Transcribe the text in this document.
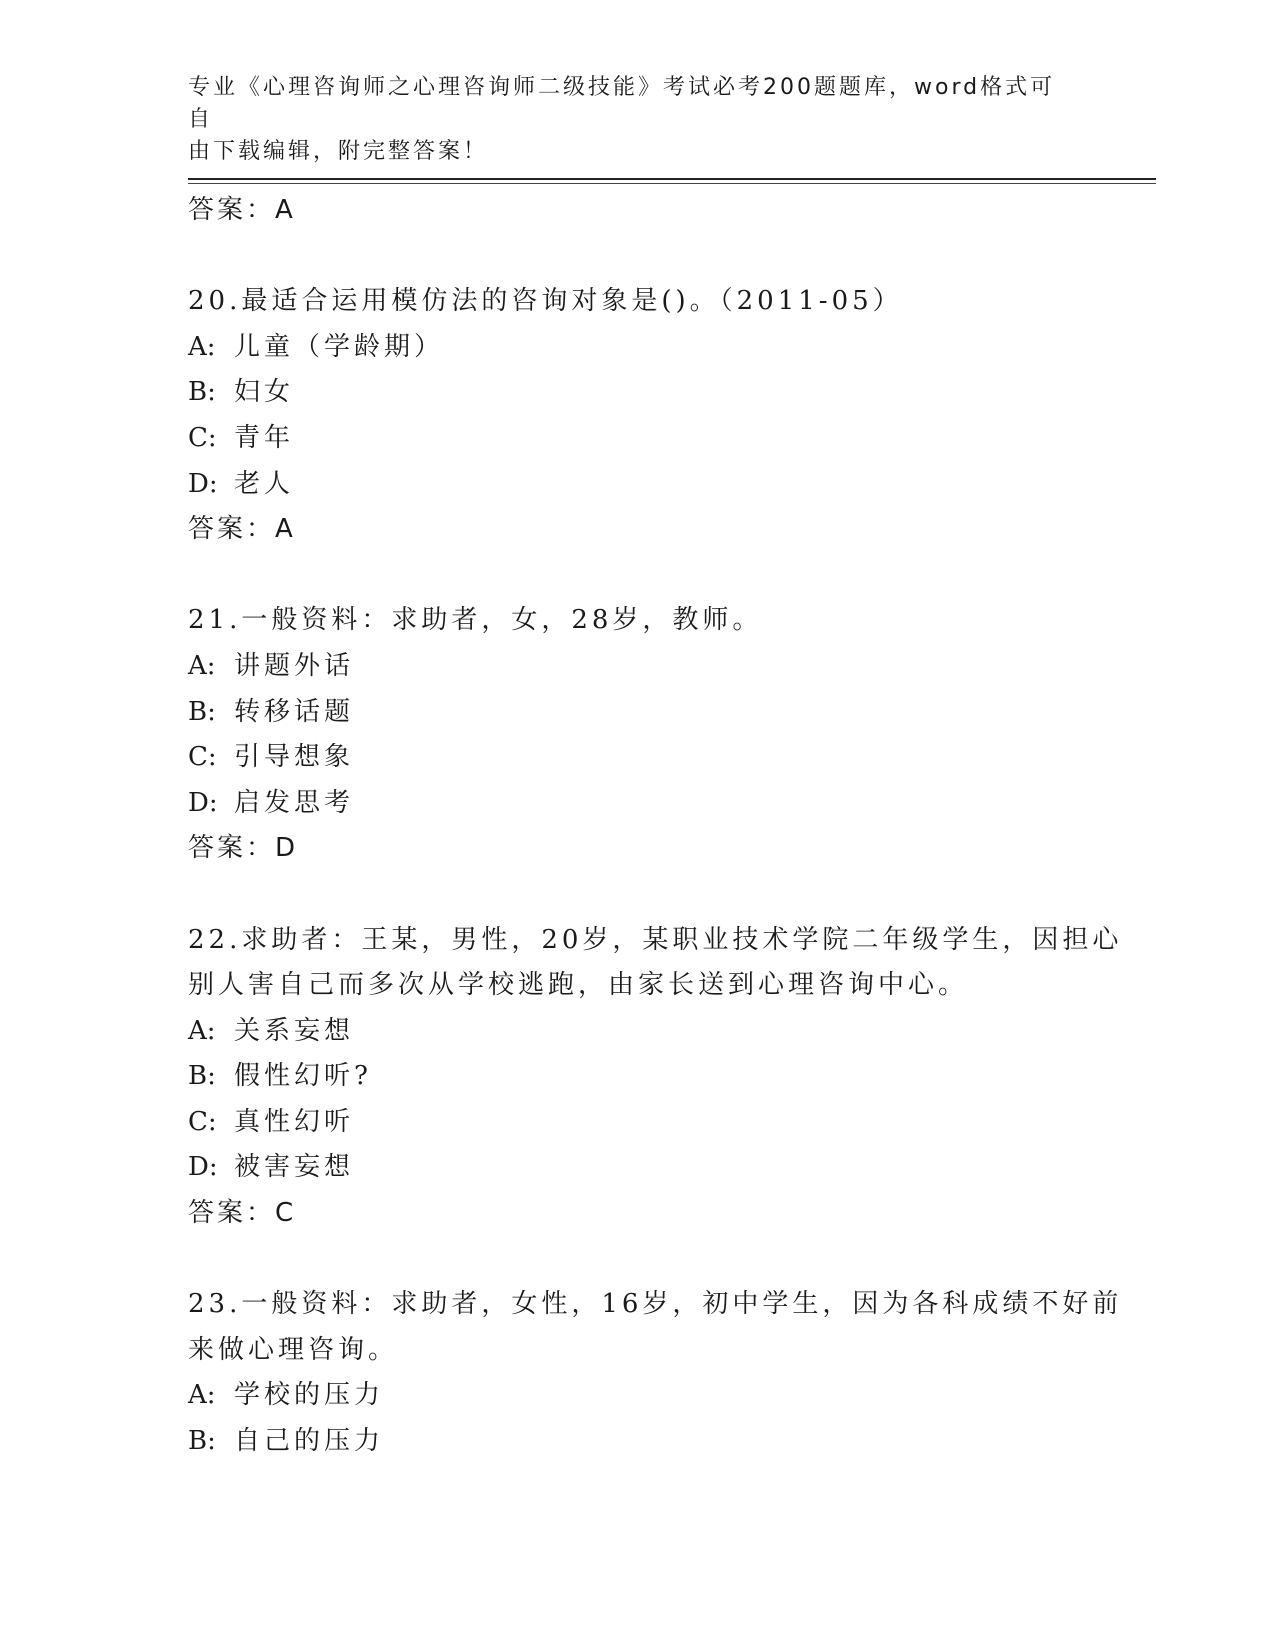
专业《心理咨询师之心理咨询师二级技能》考试必考200题题库，word格式可自
由下载编辑，附完整答案！
答案：A
20.最适合运用模仿法的咨询对象是()。（2011-05）
A: 儿童（学龄期）
B: 妇女
C: 青年
D: 老人
答案：A
21.一般资料：求助者，女，28岁，教师。
A: 讲题外话
B: 转移话题
C: 引导想象
D: 启发思考
答案：D
22.求助者：王某，男性，20岁，某职业技术学院二年级学生，因担心
别人害自己而多次从学校逃跑，由家长送到心理咨询中心。
A: 关系妄想
B: 假性幻听?
C: 真性幻听
D: 被害妄想
答案：C
23.一般资料：求助者，女性，16岁，初中学生，因为各科成绩不好前
来做心理咨询。
A: 学校的压力
B: 自己的压力
